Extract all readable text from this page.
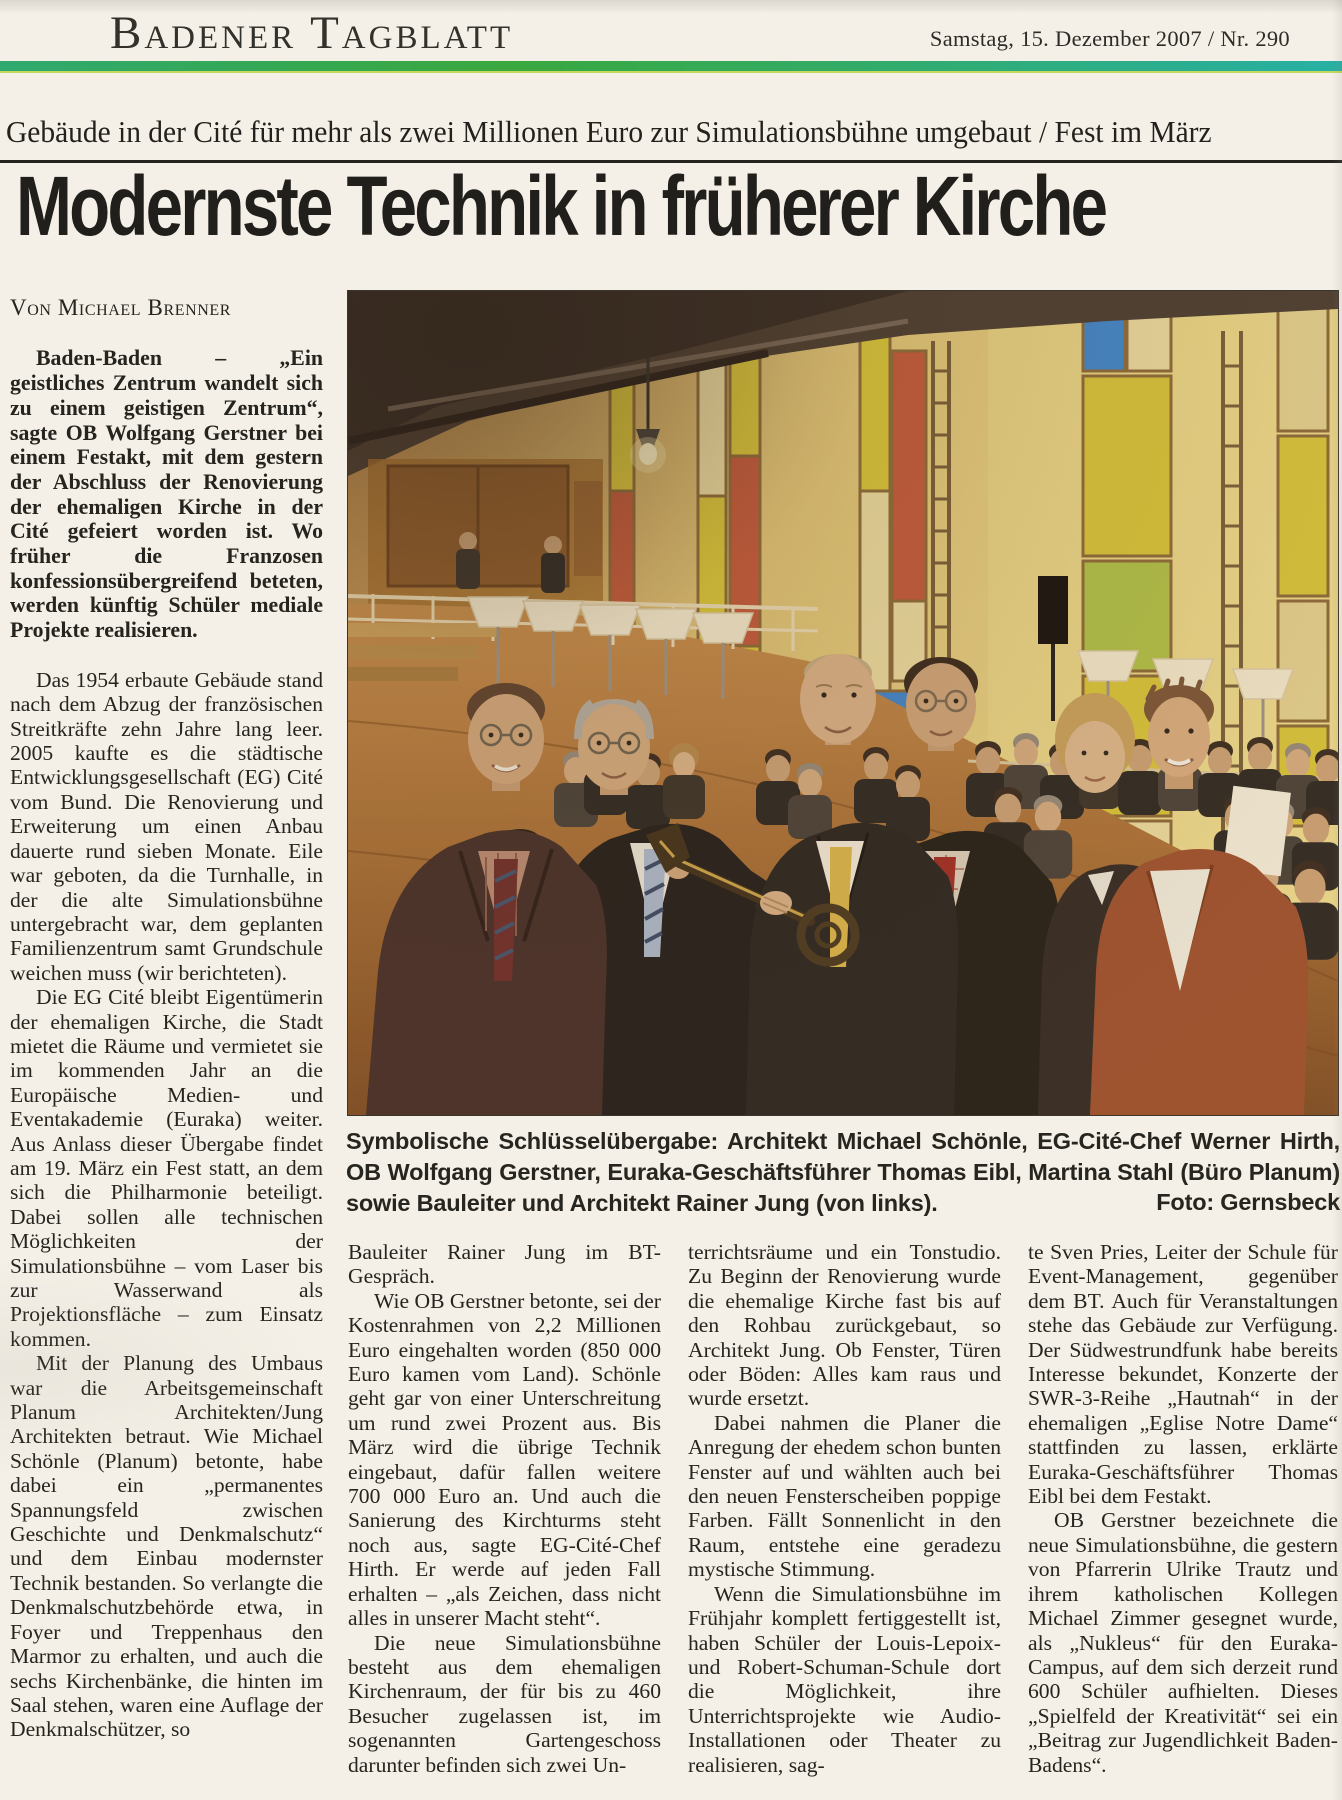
Badener Tagblatt	Samstag, 15. Dezember 2007 / Nr. 290
Gebäude in der Cité für mehr als zwei Millionen Euro zur Simulationsbühne umgebaut / Fest im März
Modernste Technik in früherer Kirche

Von Michael Brenner

Baden-Baden – „Ein geistliches Zentrum wandelt sich zu einem geistigen Zentrum“, sagte OB Wolfgang Gerstner bei einem Festakt, mit dem gestern der Abschluss der Renovierung der ehemaligen Kirche in der Cité gefeiert worden ist. Wo früher die Franzosen konfessionsübergreifend beteten, werden künftig Schüler mediale Projekte realisieren.

Das 1954 erbaute Gebäude stand nach dem Abzug der französischen Streitkräfte zehn Jahre lang leer. 2005 kaufte es die städtische Entwicklungsgesellschaft (EG) Cité vom Bund. Die Renovierung und Erweiterung um einen Anbau dauerte rund sieben Monate. Eile war geboten, da die Turnhalle, in der die alte Simulationsbühne untergebracht war, dem geplanten Familienzentrum samt Grundschule weichen muss (wir berichteten).

Die EG Cité bleibt Eigentümerin der ehemaligen Kirche, die Stadt mietet die Räume und vermietet sie im kommenden Jahr an die Europäische Medien- und Eventakademie (Euraka) weiter. Aus Anlass dieser Übergabe findet am 19. März ein Fest statt, an dem sich die Philharmonie beteiligt. Dabei sollen alle technischen Möglichkeiten der Simulationsbühne – vom Laser bis zur Wasserwand als Projektionsfläche – zum Einsatz kommen.

Mit der Planung des Umbaus war die Arbeitsgemeinschaft Planum Architekten/Jung Architekten betraut. Wie Michael Schönle (Planum) betonte, habe dabei ein „permanentes Spannungsfeld zwischen Geschichte und Denkmalschutz“ und dem Einbau modernster Technik bestanden. So verlangte die Denkmalschutzbehörde etwa, in Foyer und Treppenhaus den Marmor zu erhalten, und auch die sechs Kirchenbänke, die hinten im Saal stehen, waren eine Auflage der Denkmalschützer, so

Symbolische Schlüsselübergabe: Architekt Michael Schönle, EG-Cité-Chef Werner Hirth, OB Wolfgang Gerstner, Euraka-Geschäftsführer Thomas Eibl, Martina Stahl (Büro Planum) sowie Bauleiter und Architekt Rainer Jung (von links).	Foto: Gernsbeck

Bauleiter Rainer Jung im BT-Gespräch.

Wie OB Gerstner betonte, sei der Kostenrahmen von 2,2 Millionen Euro eingehalten worden (850 000 Euro kamen vom Land). Schönle geht gar von einer Unterschreitung um rund zwei Prozent aus. Bis März wird die übrige Technik eingebaut, dafür fallen weitere 700 000 Euro an. Und auch die Sanierung des Kirchturms steht noch aus, sagte EG-Cité-Chef Hirth. Er werde auf jeden Fall erhalten – „als Zeichen, dass nicht alles in unserer Macht steht“.

Die neue Simulationsbühne besteht aus dem ehemaligen Kirchenraum, der für bis zu 460 Besucher zugelassen ist, im sogenannten Gartengeschoss darunter befinden sich zwei Un-

terrichtsräume und ein Tonstudio. Zu Beginn der Renovierung wurde die ehemalige Kirche fast bis auf den Rohbau zurückgebaut, so Architekt Jung. Ob Fenster, Türen oder Böden: Alles kam raus und wurde ersetzt.

Dabei nahmen die Planer die Anregung der ehedem schon bunten Fenster auf und wählten auch bei den neuen Fensterscheiben poppige Farben. Fällt Sonnenlicht in den Raum, entstehe eine geradezu mystische Stimmung.

Wenn die Simulationsbühne im Frühjahr komplett fertiggestellt ist, haben Schüler der Louis-Lepoix- und Robert-Schuman-Schule dort die Möglichkeit, ihre Unterrichtsprojekte wie Audio-Installationen oder Theater zu realisieren, sag-

te Sven Pries, Leiter der Schule für Event-Management, gegenüber dem BT. Auch für Veranstaltungen stehe das Gebäude zur Verfügung. Der Südwestrundfunk habe bereits Interesse bekundet, Konzerte der SWR-3-Reihe „Hautnah“ in der ehemaligen „Eglise Notre Dame“ stattfinden zu lassen, erklärte Euraka-Geschäftsführer Thomas Eibl bei dem Festakt.

OB Gerstner bezeichnete die neue Simulationsbühne, die gestern von Pfarrerin Ulrike Trautz und ihrem katholischen Kollegen Michael Zimmer gesegnet wurde, als „Nukleus“ für den Euraka-Campus, auf dem sich derzeit rund 600 Schüler aufhielten. Dieses „Spielfeld der Kreativität“ sei ein „Beitrag zur Jugendlichkeit Baden-Badens“.
